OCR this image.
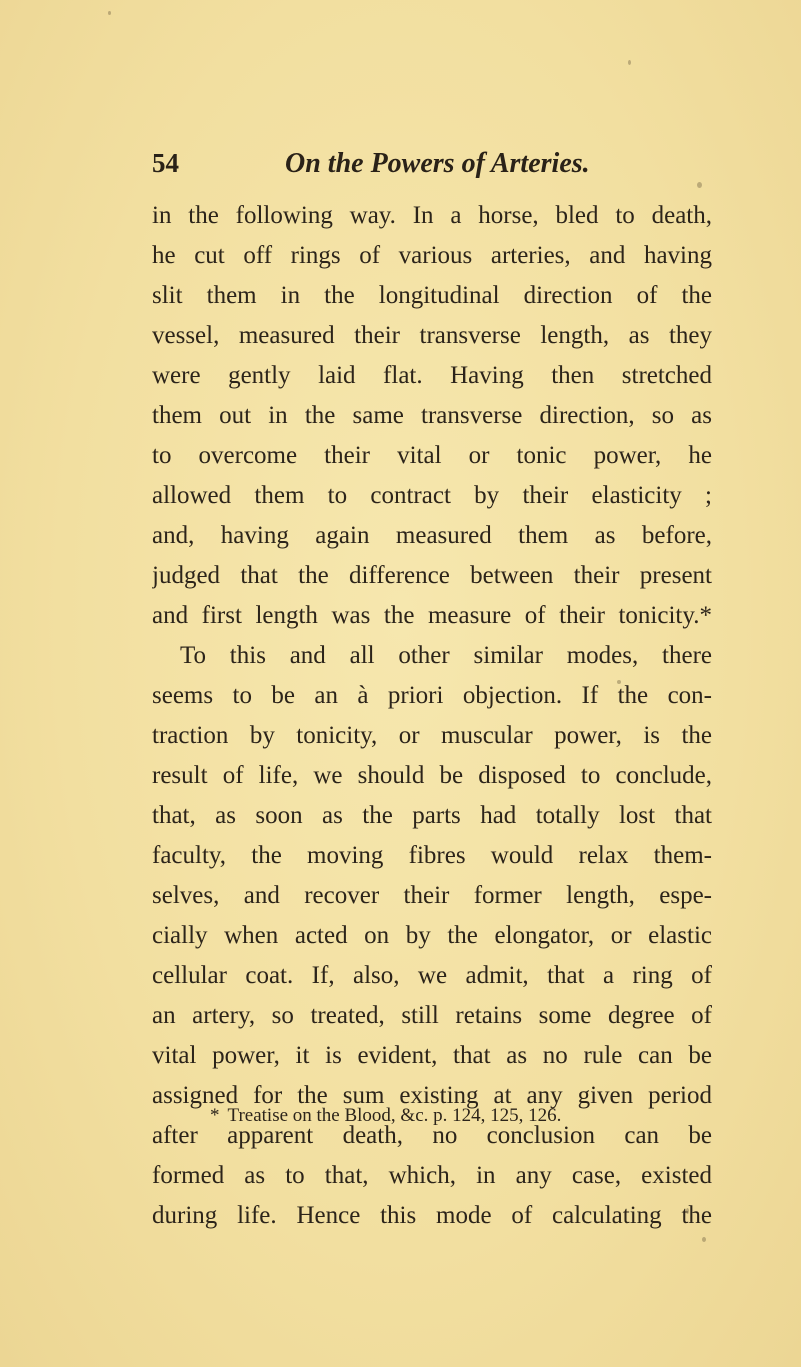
54	On the Powers of Arteries.
in the following way. In a horse, bled to death,
he cut off rings of various arteries, and having
slit them in the longitudinal direction of the
vessel, measured their transverse length, as they
were gently laid flat. Having then stretched
them out in the same transverse direction, so as
to overcome their vital or tonic power, he
allowed them to contract by their elasticity ;
and, having again measured them as before,
judged that the difference between their present
and first length was the measure of their tonicity.*
To this and all other similar modes, there
seems to be an à priori objection. If the con-
traction by tonicity, or muscular power, is the
result of life, we should be disposed to conclude,
that, as soon as the parts had totally lost that
faculty, the moving fibres would relax them-
selves, and recover their former length, espe-
cially when acted on by the elongator, or elastic
cellular coat. If, also, we admit, that a ring of
an artery, so treated, still retains some degree of
vital power, it is evident, that as no rule can be
assigned for the sum existing at any given period
after apparent death, no conclusion can be
formed as to that, which, in any case, existed
during life. Hence this mode of calculating the
* Treatise on the Blood, &c. p. 124, 125, 126.
